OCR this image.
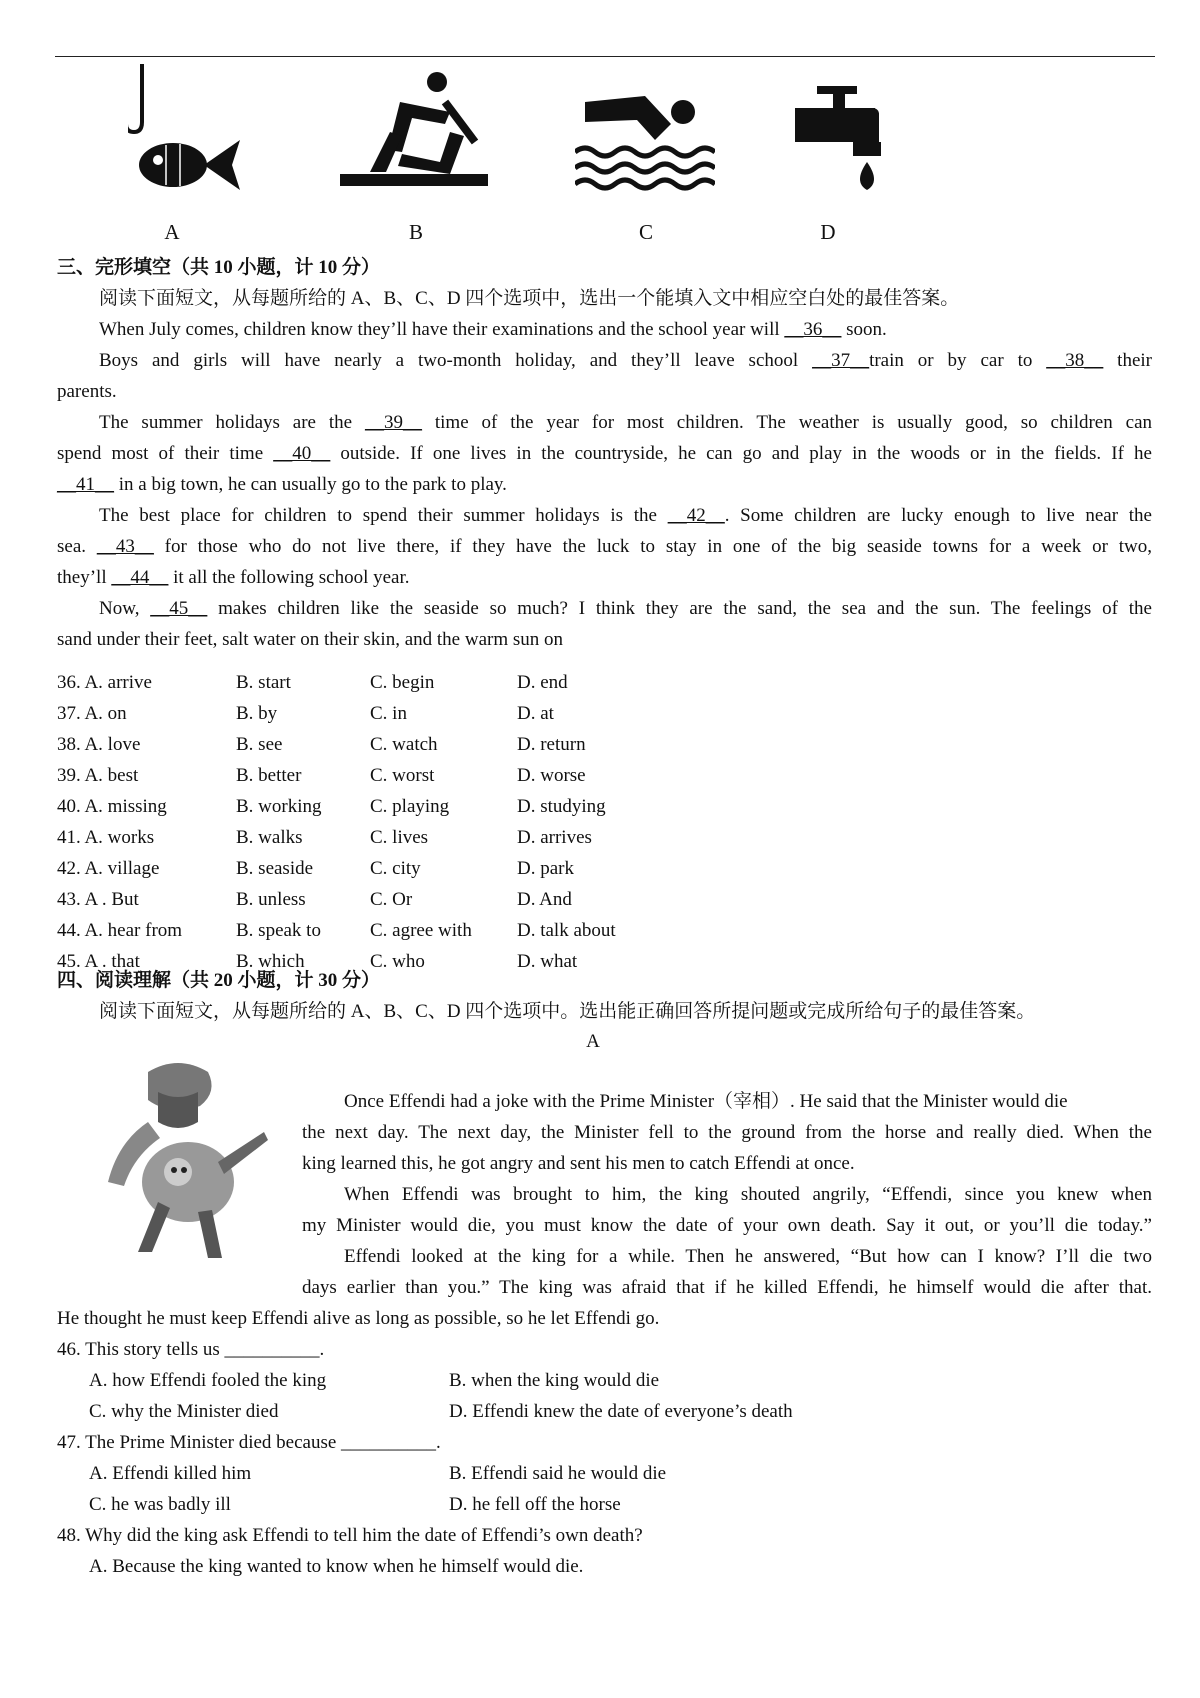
A	B	C	D
三、完形填空（共 10 小题，计 10 分）
阅读下面短文，从每题所给的 A、B、C、D 四个选项中，选出一个能填入文中相应空白处的最佳答案。
When July comes, children know they’ll have their examinations and the school year will __36__ soon.
Boys and girls will have nearly a two-month holiday, and they’ll leave school __37__train or by car to __38__ their
parents.
The summer holidays are the __39__ time of the year for most children. The weather is usually good, so children can
spend most of their time __40__ outside. If one lives in the countryside, he can go and play in the woods or in the fields. If he
__41__ in a big town, he can usually go to the park to play.
The best place for children to spend their summer holidays is the __42__. Some children are lucky enough to live near the
sea. __43__ for those who do not live there, if they have the luck to stay in one of the big seaside towns for a week or two,
they’ll __44__ it all the following school year.
Now, __45__ makes children like the seaside so much? I think they are the sand, the sea and the sun. The feelings of the
sand under their feet, salt water on their skin, and the warm sun on
36. A. arrive	B. start	C. begin	D. end
37. A. on	B. by	C. in	D. at
38. A. love	B. see	C. watch	D. return
39. A. best	B. better	C. worst	D. worse
40. A. missing	B. working	C. playing	D. studying
41. A. works	B. walks	C. lives	D. arrives
42. A. village	B. seaside	C. city	D. park
43. A . But	B. unless	C. Or	D. And
44. A. hear from	B. speak to	C. agree with D. talk about
45. A . that	B. which	C. who	D. what
四、阅读理解（共 20 小题，计 30 分）
阅读下面短文，从每题所给的 A、B、C、D 四个选项中。选出能正确回答所提问题或完成所给句子的最佳答案。
A
Once Effendi had a joke with the Prime Minister（宰相）. He said that the Minister would die
the next day. The next day, the Minister fell to the ground from the horse and really died. When the
king learned this, he got angry and sent his men to catch Effendi at once.
When Effendi was brought to him, the king shouted angrily, “Effendi, since you knew when
my Minister would die, you must know the date of your own death. Say it out, or you’ll die today.”
Effendi looked at the king for a while. Then he answered, “But how can I know? I’ll die two
days earlier than you.” The king was afraid that if he killed Effendi, he himself would die after that.
He thought he must keep Effendi alive as long as possible, so he let Effendi go.
46. This story tells us __________.
A. how Effendi fooled the king	B. when the king would die
C. why the Minister died	D. Effendi knew the date of everyone’s death
47. The Prime Minister died because __________.
A. Effendi killed him	B. Effendi said he would die
C. he was badly ill	D. he fell off the horse
48. Why did the king ask Effendi to tell him the date of Effendi’s own death?
A. Because the king wanted to know when he himself would die.
